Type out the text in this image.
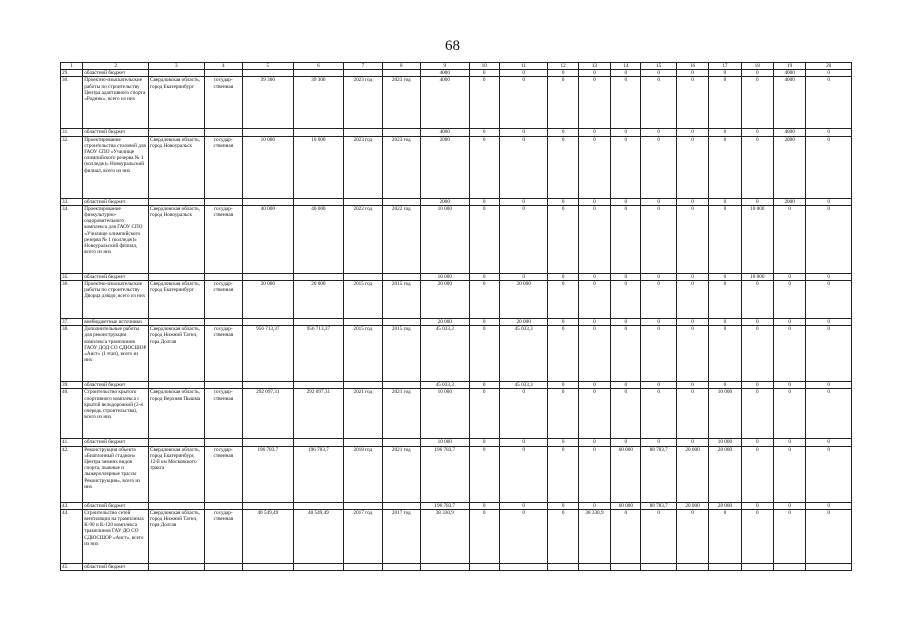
68
1	2	3	4	5	6	7	8	9	10	11	12	13	14	15	16	17	18	19	20
29.	областной бюджет							4000	0	0	0	0	0	0	0	0	0	4000	0
30.	Проектно-изыскательские работы по строительству Центра адаптивного спорта «Родник», всего из них	Свердловская область, город Екатеринбург	государ-ственная	39 300	39 300	2023 год	2023 год	4000	0	0	0	0	0	0	0	0	0	4000	0
31.	областной бюджет							4000	0	0	0	0	0	0	0	0	0	4000	0
32.	Проектирование строительства столовой для ГАОУ СПО «Училище олимпийского резерва № 1 (колледж)» Новоуральский филиал, всего из них	Свердловская область, город Новоуральск	государ-ственная	10 000	10 000	2023 год	2023 год	2000	0	0	0	0	0	0	0	0	0	2000	0
33.	областной бюджет							2000	0	0	0	0	0	0	0	0	0	2000	0
34.	Проектирование физкультурно-оздоровительного комплекса для ГАОУ СПО «Училище олимпийского резерва № 1 (колледж)» Новоуральский филиал, всего из них	Свердловская область, город Новоуральск	государ-ственная	40 000	40 000	2022 год	2022 год	10 000	0	0	0	0	0	0	0	0	10 000	0	0
35.	областной бюджет							10 000	0	0	0	0	0	0	0	0	10 000	0	0
36.	Проектно-изыскательские работы по строительству Дворца дзюдо, всего из них	Свердловская область, город Екатеринбург	государ-ственная	20 000	20 000	2015 год	2015 год	20 000	0	20 000	0	0	0	0	0	0	0	0	0
37.	внебюджетные источники							20 000	0	20 000	0	0	0	0	0	0	0	0	0
38.	Дополнительные работы для реконструкции комплекса трамплинов ГАОУ ДОД СО СДЮСШОР «Аист» (I этап), всего из них	Свердловская область, город Нижний Тагил, гора Долгая	государ-ственная	956 713,37	956 713,37	2015 год	2015 год	45 033,3	0	45 033,3	0	0	0	0	0	0	0	0	0
39.	областной бюджет							45 033,3	0	45 033,3	0	0	0	0	0	0	0	0	0
40.	Строительство крытого спортивного комплекса с крытой велодорожкой (2-я очередь строительства), всего из них	Свердловская область, город Верхняя Пышма	государ-ственная	292 097,31	292 097,31	2021 год	2021 год	10 000	0	0	0	0	0	0	0	10 000	0	0	0
41.	областной бюджет							10 000	0	0	0	0	0	0	0	10 000	0	0	0
42.	Реконструкция объекта «Биатлонный стадион» Центра зимних видов спорта, лыжные и лыжероллерные трассы Реконструкция», всего из них	Свердловская область, город Екатеринбург, 12-й км Московского тракта	государ-ственная	196 783,7	196 783,7	2018 год	2021 год	196 783,7	0	0	0	0	60 000	88 783,7	20 000	28 000	0	0	0
43.	областной бюджет							196 783,7	0	0	0	0	60 000	88 783,7	20 000	28 000	0	0	0
44.	Строительство сетей вентиляции на трамплинах К-90 и К-120 комплекса трамплинов ГАУ ДО СО СДЮСШОР «Аист», всего из них	Свердловская область, город Нижний Тагил, гора Долгая	государ-ственная	40 549,49	40 549,49	2017 год	2017 год	38 330,9	0	0	0	38 330,9	0	0	0	0	0	0	0
45.	областной бюджет																		
